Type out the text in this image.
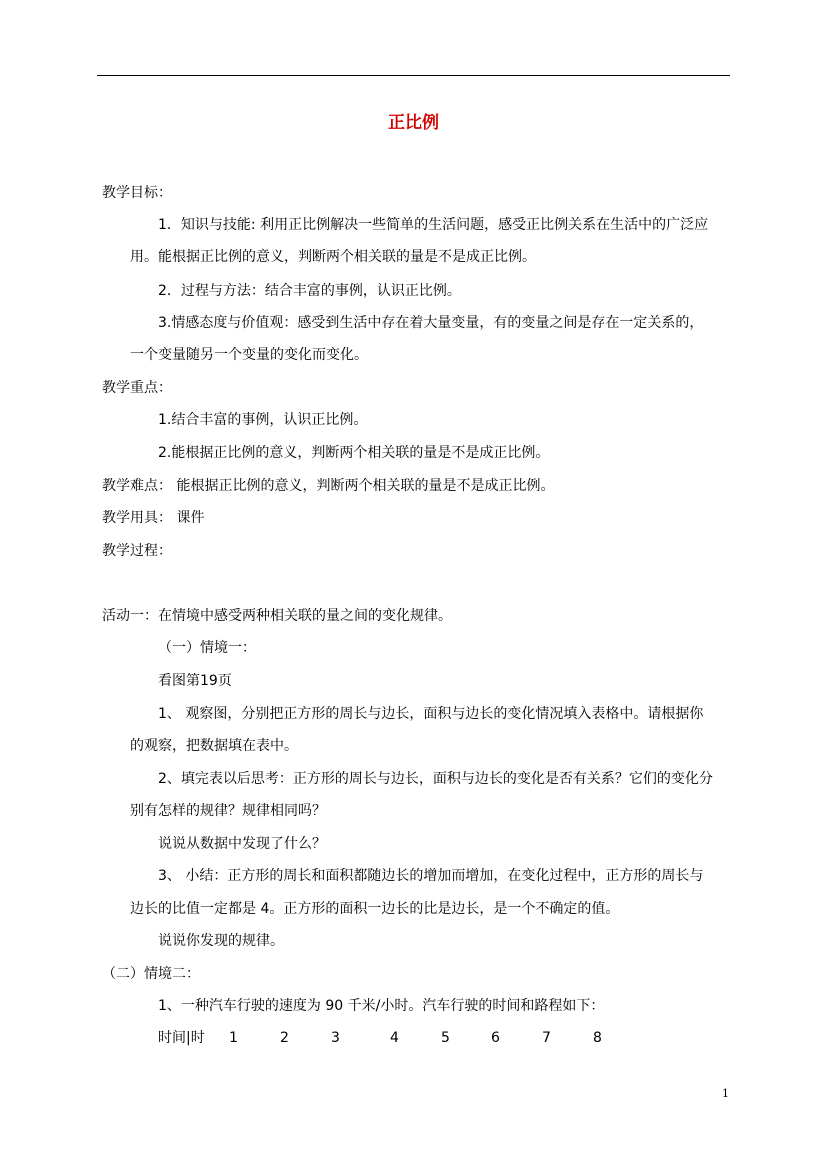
正比例
教学目标：
1．知识与技能: 利用正比例解决一些简单的生活问题，感受正比例关系在生活中的广泛应
用。能根据正比例的意义，判断两个相关联的量是不是成正比例。
2．过程与方法：结合丰富的事例，认识正比例。
3.情感态度与价值观：感受到生活中存在着大量变量，有的变量之间是存在一定关系的，
一个变量随另一个变量的变化而变化。
教学重点：
1.结合丰富的事例，认识正比例。
2.能根据正比例的意义，判断两个相关联的量是不是成正比例。
教学难点： 能根据正比例的意义，判断两个相关联的量是不是成正比例。
教学用具： 课件
教学过程：
活动一：在情境中感受两种相关联的量之间的变化规律。
（一）情境一：
看图第19页
1、 观察图，分别把正方形的周长与边长，面积与边长的变化情况填入表格中。请根据你
的观察，把数据填在表中。
2、填完表以后思考：正方形的周长与边长，面积与边长的变化是否有关系？它们的变化分
别有怎样的规律？规律相同吗？
说说从数据中发现了什么？
3、 小结：正方形的周长和面积都随边长的增加而增加，在变化过程中，正方形的周长与
边长的比值一定都是 4。正方形的面积一边长的比是边长，是一个不确定的值。
说说你发现的规律。
（二）情境二：
1、一种汽车行驶的速度为 90 千米/小时。汽车行驶的时间和路程如下：
时间|时 1	2	3	4	5	6	7	8
1
